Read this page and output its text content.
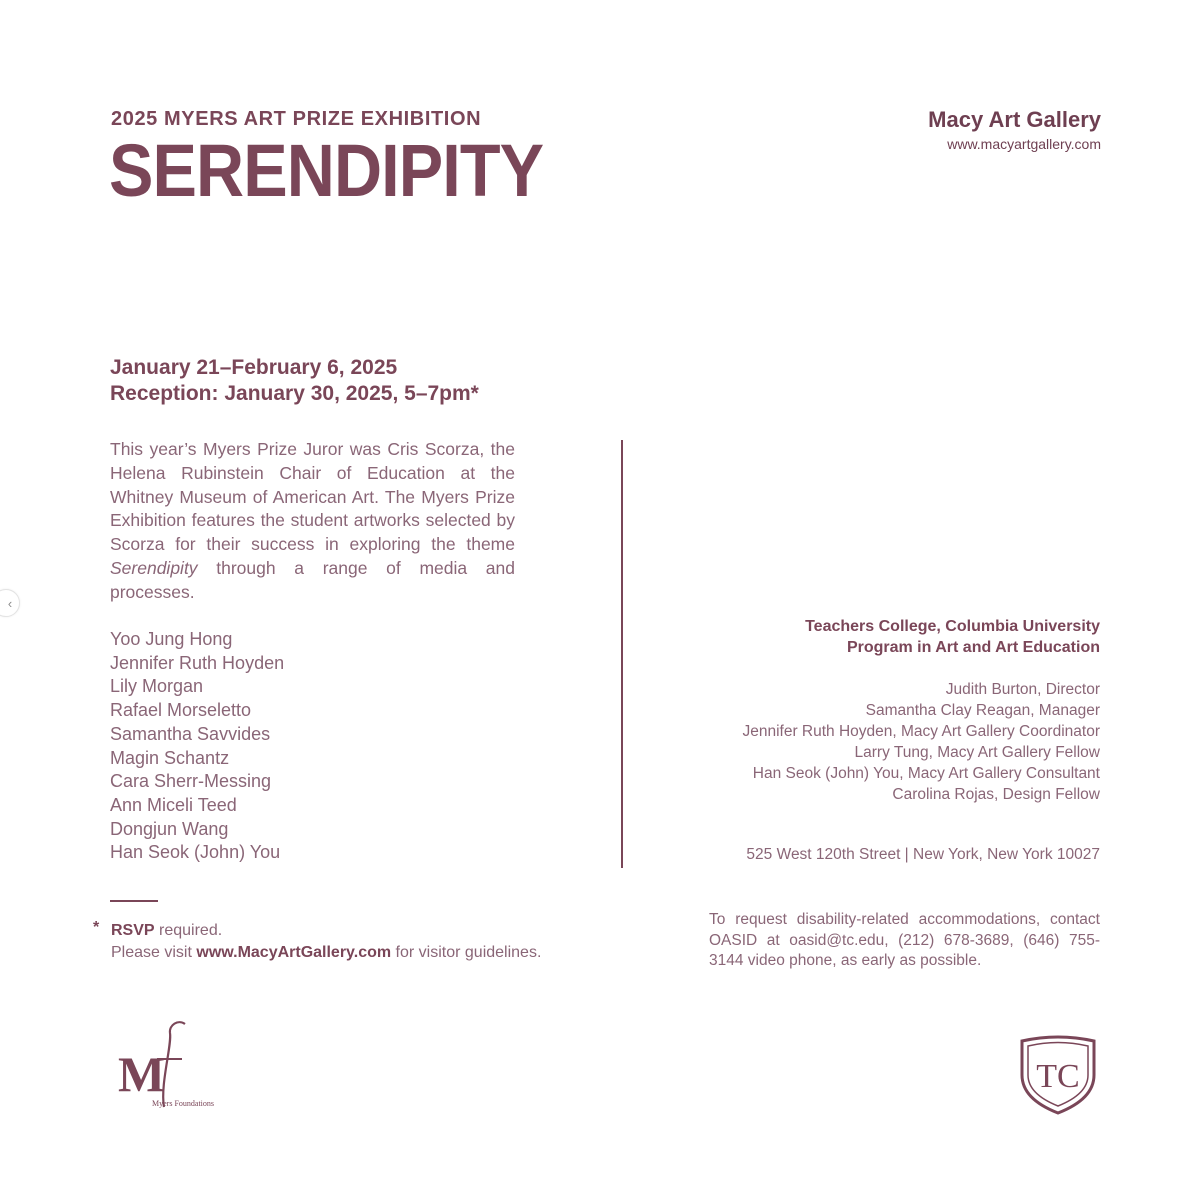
2025 MYERS ART PRIZE EXHIBITION
SERENDIPITY
Macy Art Gallery
www.macyartgallery.com
January 21–February 6, 2025
Reception: January 30, 2025, 5–7pm*
This year’s Myers Prize Juror was Cris Scorza, the Helena Rubinstein Chair of Education at the Whitney Museum of American Art. The Myers Prize Exhibition features the student artworks selected by Scorza for their success in exploring the theme Serendipity through a range of media and processes.
Yoo Jung Hong
Jennifer Ruth Hoyden
Lily Morgan
Rafael Morseletto
Samantha Savvides
Magin Schantz
Cara Sherr-Messing
Ann Miceli Teed
Dongjun Wang
Han Seok (John) You
* RSVP required.
Please visit www.MacyArtGallery.com for visitor guidelines.
Teachers College, Columbia University
Program in Art and Art Education
Judith Burton, Director
Samantha Clay Reagan, Manager
Jennifer Ruth Hoyden, Macy Art Gallery Coordinator
Larry Tung, Macy Art Gallery Fellow
Han Seok (John) You, Macy Art Gallery Consultant
Carolina Rojas, Design Fellow
525 West 120th Street | New York, New York 10027
To request disability-related accommodations, contact OASID at oasid@tc.edu, (212) 678-3689, (646) 755-3144 video phone, as early as possible.
M
Myers Foundations
TC
‹
